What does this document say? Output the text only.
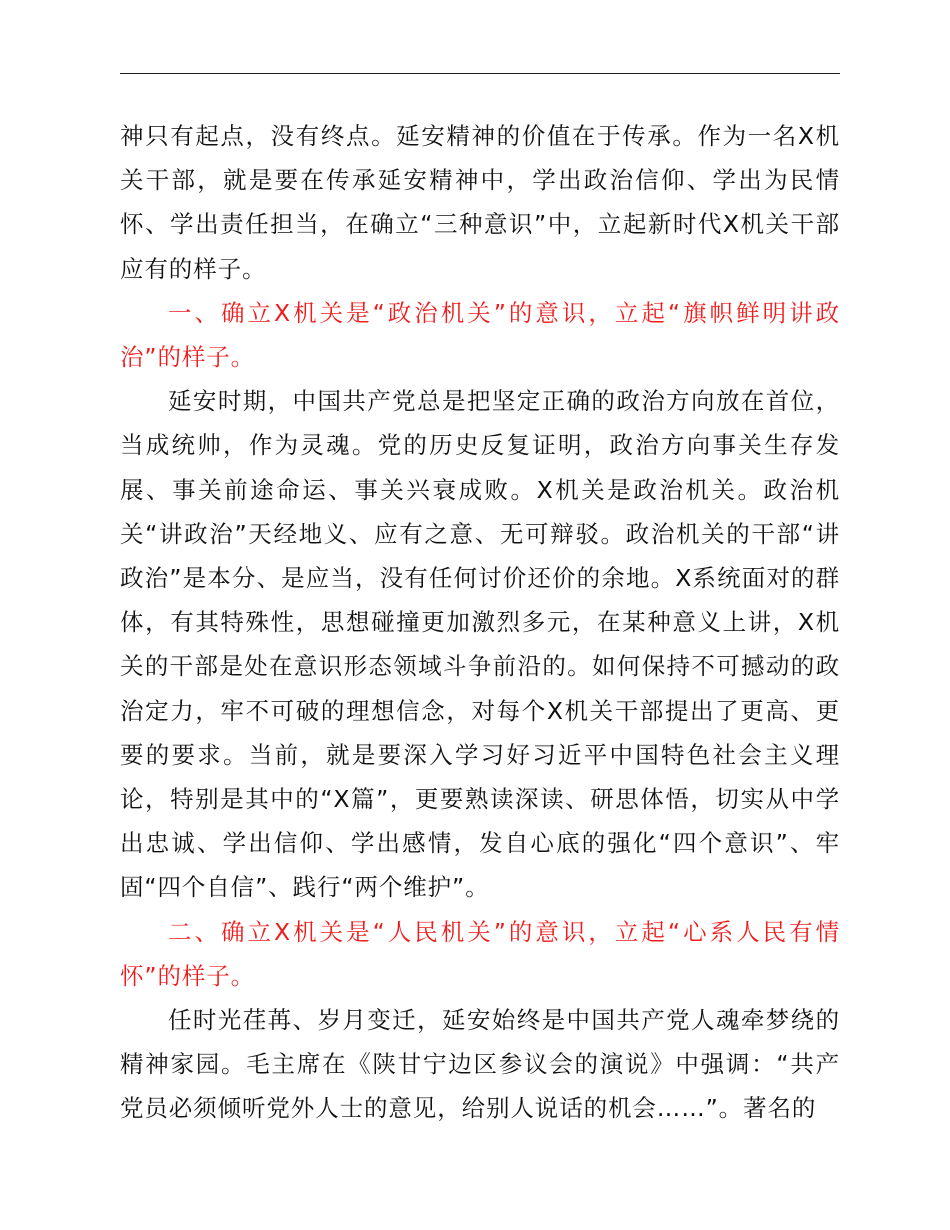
神只有起点，没有终点。延安精神的价值在于传承。作为一名X机关干部，就是要在传承延安精神中，学出政治信仰、学出为民情怀、学出责任担当，在确立“三种意识”中，立起新时代X机关干部应有的样子。

一、确立X机关是“政治机关”的意识，立起“旗帜鲜明讲政治”的样子。

延安时期，中国共产党总是把坚定正确的政治方向放在首位，当成统帅，作为灵魂。党的历史反复证明，政治方向事关生存发展、事关前途命运、事关兴衰成败。X机关是政治机关。政治机关“讲政治”天经地义、应有之意、无可辩驳。政治机关的干部“讲政治”是本分、是应当，没有任何讨价还价的余地。X系统面对的群体，有其特殊性，思想碰撞更加激烈多元，在某种意义上讲，X机关的干部是处在意识形态领域斗争前沿的。如何保持不可撼动的政治定力，牢不可破的理想信念，对每个X机关干部提出了更高、更要的要求。当前，就是要深入学习好习近平中国特色社会主义理论，特别是其中的“X篇”，更要熟读深读、研思体悟，切实从中学出忠诚、学出信仰、学出感情，发自心底的强化“四个意识”、牢固“四个自信”、践行“两个维护”。

二、确立X机关是“人民机关”的意识，立起“心系人民有情怀”的样子。

任时光荏苒、岁月变迁，延安始终是中国共产党人魂牵梦绕的精神家园。毛主席在《陕甘宁边区参议会的演说》中强调：“共产党员必须倾听党外人士的意见，给别人说话的机会……”。著名的
